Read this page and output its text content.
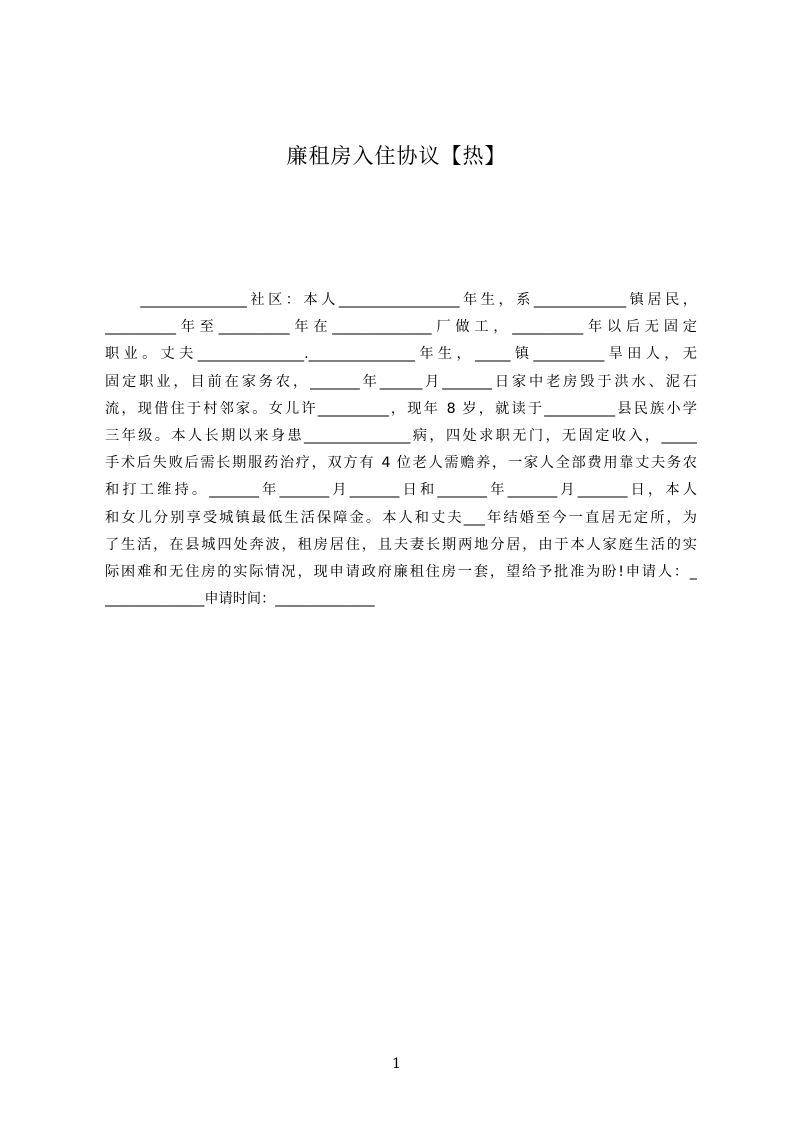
廉租房入住协议【热】
　　_______________社区：本人_________________年生，系_____________镇居民，
__________年至__________年在______________厂做工，__________年以后无固定
职业。丈夫_______________._______________年生，_____镇__________旱田人，无
固定职业，目前在家务农，_______年______月_______日家中老房毁于洪水、泥石
流，现借住于村邻家。女儿许__________，现年 8 岁，就读于__________县民族小学
三年级。本人长期以来身患_______________病，四处求职无门，无固定收入，_____
手术后失败后需长期服药治疗，双方有 4 位老人需赡养，一家人全部费用靠丈夫务农
和打工维持。_______年_______月_______日和_______年_______月_______日，本人
和女儿分别享受城镇最低生活保障金。本人和丈夫___年结婚至今一直居无定所，为
了生活，在县城四处奔波，租房居住，且夫妻长期两地分居，由于本人家庭生活的实
际困难和无住房的实际情况，现申请政府廉租住房一套，望给予批准为盼!申请人：_
______________申请时间：______________
1
